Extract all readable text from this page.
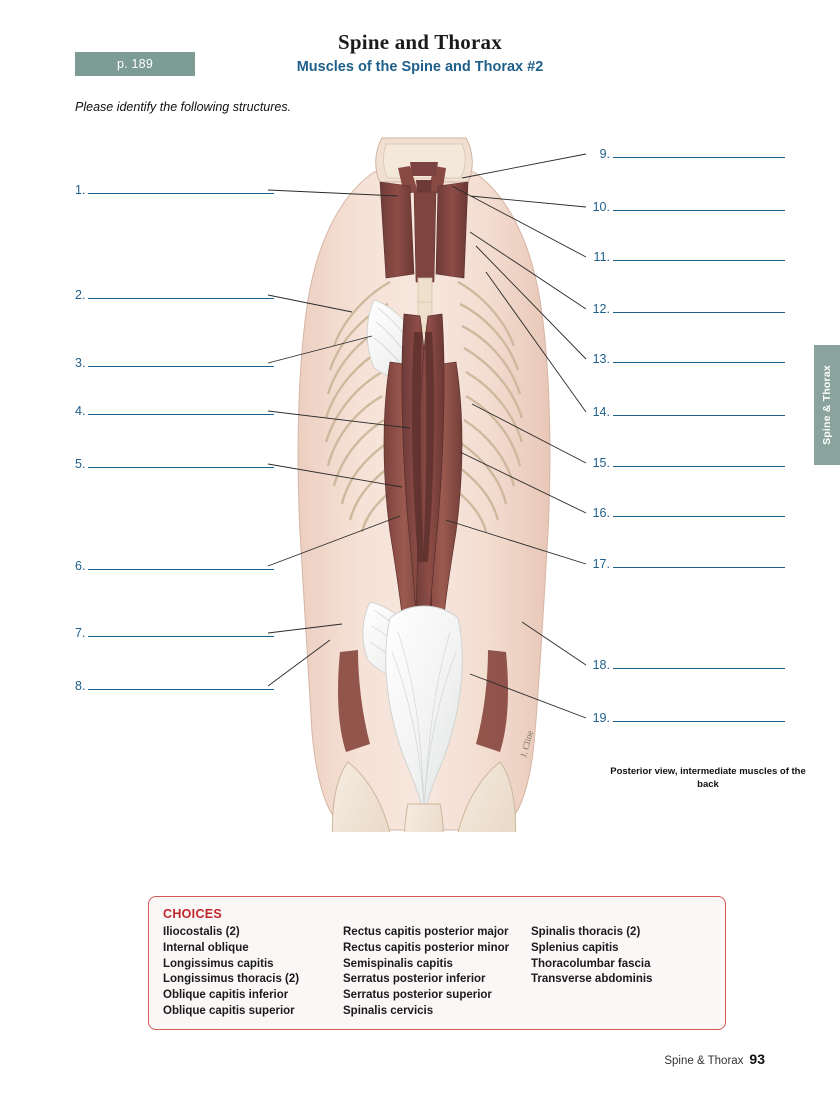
p. 189
Spine and Thorax
Muscles of the Spine and Thorax #2
Please identify the following structures.
Spine & Thorax
1.
2.
3.
4.
5.
6.
7.
8.
9.
10.
11.
12.
13.
14.
15.
16.
17.
18.
19.
J. Cline
Posterior view, intermediate muscles of the back
CHOICES
Iliocostalis (2)
Internal oblique
Longissimus capitis
Longissimus thoracis (2)
Oblique capitis inferior
Oblique capitis superior
Rectus capitis posterior major
Rectus capitis posterior minor
Semispinalis capitis
Serratus posterior inferior
Serratus posterior superior
Spinalis cervicis
Spinalis thoracis (2)
Splenius capitis
Thoracolumbar fascia
Transverse abdominis
Spine & Thorax 93
